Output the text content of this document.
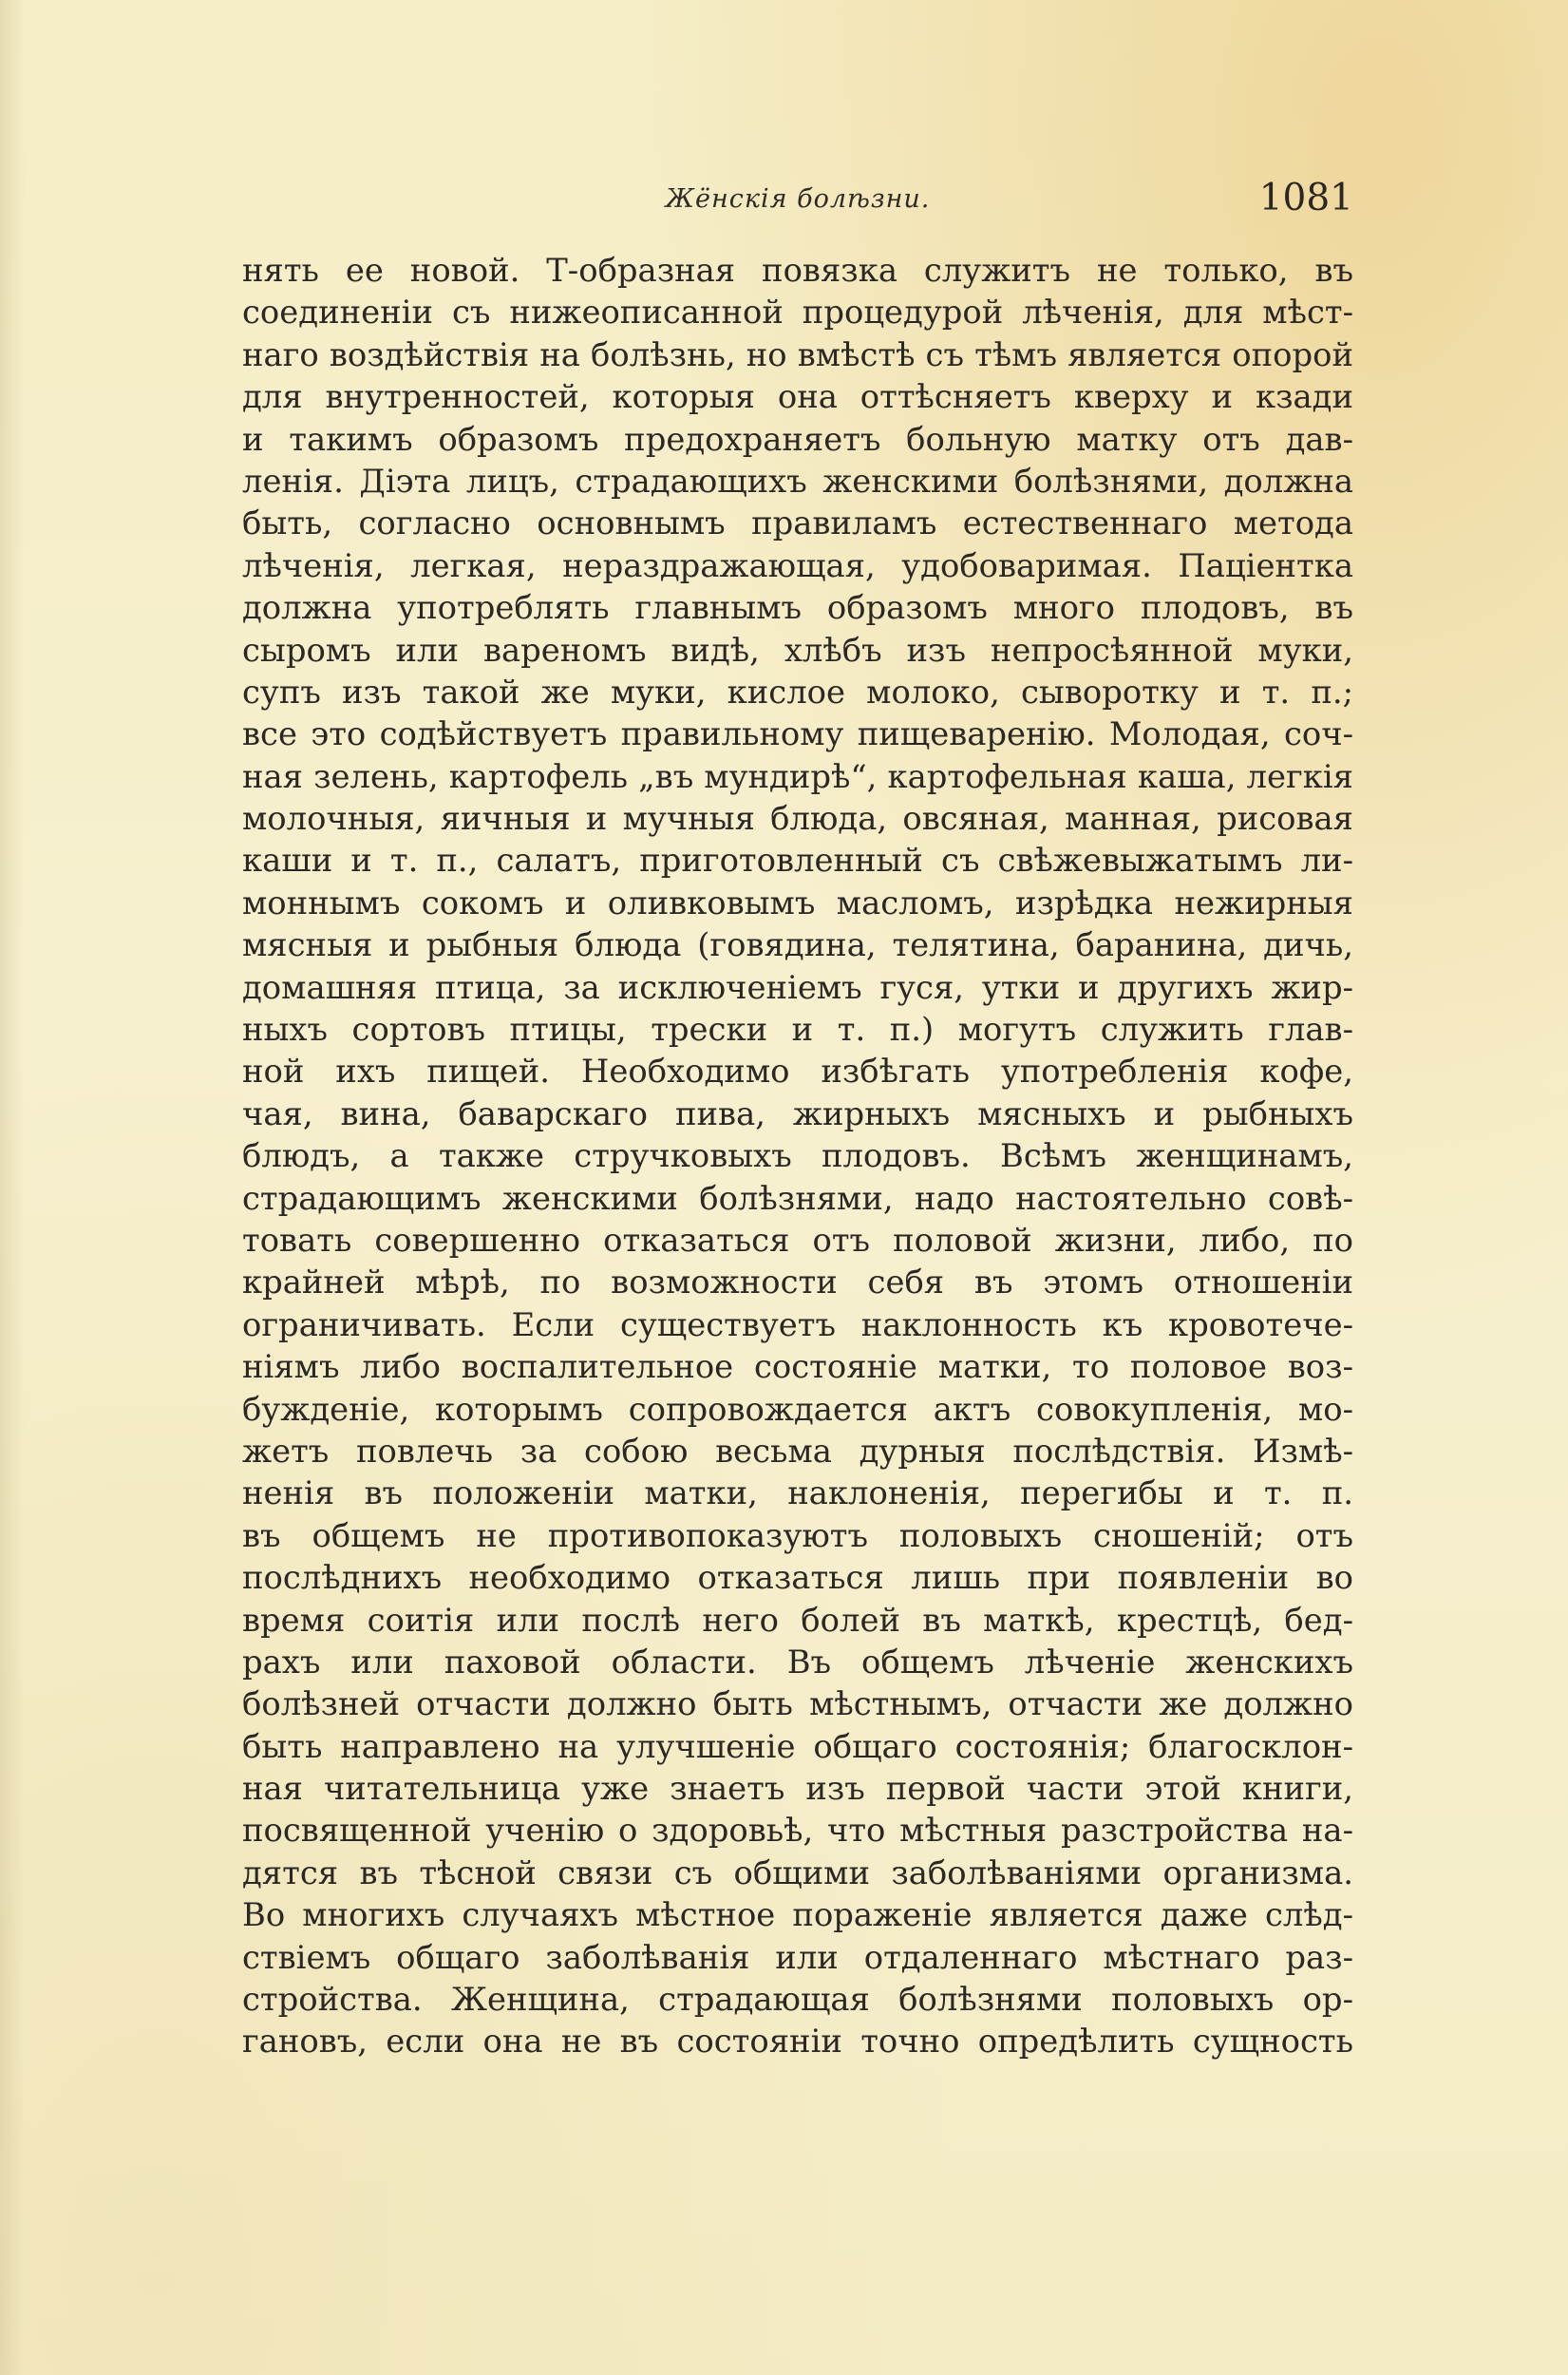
Жёнскія болѣзни.	1081
нять ее новой. Т-образная повязка служитъ не только, въ
соединеніи съ нижеописанной процедурой лѣченія, для мѣст-
наго воздѣйствія на болѣзнь, но вмѣстѣ съ тѣмъ является опорой
для внутренностей, которыя она оттѣсняетъ кверху и кзади
и такимъ образомъ предохраняетъ больную матку отъ дав-
ленія. Діэта лицъ, страдающихъ женскими болѣзнями, должна
быть, согласно основнымъ правиламъ естественнаго метода
лѣченія, легкая, нераздражающая, удобоваримая. Паціентка
должна употреблять главнымъ образомъ много плодовъ, въ
сыромъ или вареномъ видѣ, хлѣбъ изъ непросѣянной муки,
супъ изъ такой же муки, кислое молоко, сыворотку и т. п.;
все это содѣйствуетъ правильному пищеваренію. Молодая, соч-
ная зелень, картофель „въ мундирѣ“, картофельная каша, легкія
молочныя, яичныя и мучныя блюда, овсяная, манная, рисовая
каши и т. п., салатъ, приготовленный съ свѣжевыжатымъ ли-
моннымъ сокомъ и оливковымъ масломъ, изрѣдка нежирныя
мясныя и рыбныя блюда (говядина, телятина, баранина, дичь,
домашняя птица, за исключеніемъ гуся, утки и другихъ жир-
ныхъ сортовъ птицы, трески и т. п.) могутъ служить глав-
ной ихъ пищей. Необходимо избѣгать употребленія кофе,
чая, вина, баварскаго пива, жирныхъ мясныхъ и рыбныхъ
блюдъ, а также стручковыхъ плодовъ. Всѣмъ женщинамъ,
страдающимъ женскими болѣзнями, надо настоятельно совѣ-
товать совершенно отказаться отъ половой жизни, либо, по
крайней мѣрѣ, по возможности себя въ этомъ отношеніи
ограничивать. Если существуетъ наклонность къ кровотече-
ніямъ либо воспалительное состояніе матки, то половое воз-
бужденіе, которымъ сопровождается актъ совокупленія, мо-
жетъ повлечь за собою весьма дурныя послѣдствія. Измѣ-
ненія въ положеніи матки, наклоненія, перегибы и т. п.
въ общемъ не противопоказуютъ половыхъ сношеній; отъ
послѣднихъ необходимо отказаться лишь при появленіи во
время соитія или послѣ него болей въ маткѣ, крестцѣ, бед-
рахъ или паховой области. Въ общемъ лѣченіе женскихъ
болѣзней отчасти должно быть мѣстнымъ, отчасти же должно
быть направлено на улучшеніе общаго состоянія; благосклон-
ная читательница уже знаетъ изъ первой части этой книги,
посвященной ученію о здоровьѣ, что мѣстныя разстройства на-
дятся въ тѣсной связи съ общими заболѣваніями организма.
Во многихъ случаяхъ мѣстное пораженіе является даже слѣд-
ствіемъ общаго заболѣванія или отдаленнаго мѣстнаго раз-
стройства. Женщина, страдающая болѣзнями половыхъ ор-
гановъ, если она не въ состояніи точно опредѣлить сущность
